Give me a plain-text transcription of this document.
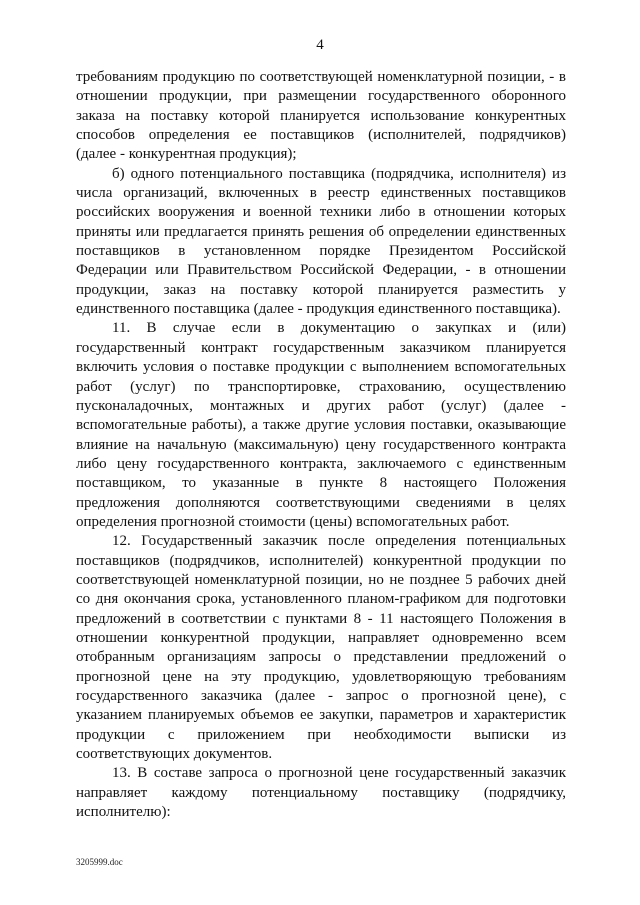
4
требованиям продукцию по соответствующей номенклатурной позиции, - в
отношении продукции, при размещении государственного оборонного
заказа на поставку которой планируется использование конкурентных
способов определения ее поставщиков (исполнителей, подрядчиков)
(далее - конкурентная продукция);
б) одного потенциального поставщика (подрядчика, исполнителя) из
числа организаций, включенных в реестр единственных поставщиков
российских вооружения и военной техники либо в отношении которых
приняты или предлагается принять решения об определении единственных
поставщиков в установленном порядке Президентом Российской
Федерации или Правительством Российской Федерации, - в отношении
продукции, заказ на поставку которой планируется разместить у
единственного поставщика (далее - продукция единственного поставщика).
11. В случае если в документацию о закупках и (или)
государственный контракт государственным заказчиком планируется
включить условия о поставке продукции с выполнением вспомогательных
работ (услуг) по транспортировке, страхованию, осуществлению
пусконаладочных, монтажных и других работ (услуг) (далее -
вспомогательные работы), а также другие условия поставки, оказывающие
влияние на начальную (максимальную) цену государственного контракта
либо цену государственного контракта, заключаемого с единственным
поставщиком, то указанные в пункте 8 настоящего Положения
предложения дополняются соответствующими сведениями в целях
определения прогнозной стоимости (цены) вспомогательных работ.
12. Государственный заказчик после определения потенциальных
поставщиков (подрядчиков, исполнителей) конкурентной продукции по
соответствующей номенклатурной позиции, но не позднее 5 рабочих дней
со дня окончания срока, установленного планом-графиком для подготовки
предложений в соответствии с пунктами 8 - 11 настоящего Положения в
отношении конкурентной продукции, направляет одновременно всем
отобранным организациям запросы о представлении предложений о
прогнозной цене на эту продукцию, удовлетворяющую требованиям
государственного заказчика (далее - запрос о прогнозной цене), с
указанием планируемых объемов ее закупки, параметров и характеристик
продукции с приложением при необходимости выписки из
соответствующих документов.
13. В составе запроса о прогнозной цене государственный заказчик
направляет каждому потенциальному поставщику (подрядчику,
исполнителю):
3205999.doc
